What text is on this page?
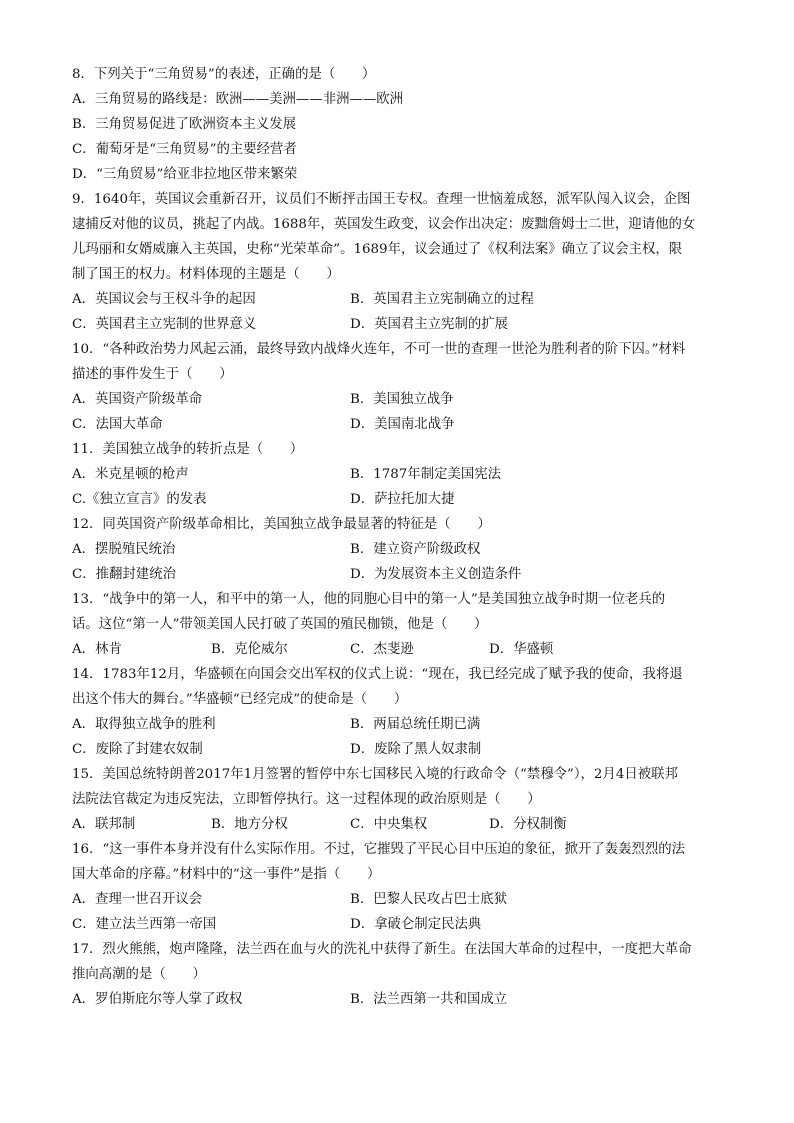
8．下列关于“三角贸易”的表述，正确的是（　　）
A．三角贸易的路线是：欧洲——美洲——非洲——欧洲
B．三角贸易促进了欧洲资本主义发展
C．葡萄牙是“三角贸易”的主要经营者
D．“三角贸易”给亚非拉地区带来繁荣
9．1640年，英国议会重新召开，议员们不断抨击国王专权。查理一世恼羞成怒，派军队闯入议会，企图
逮捕反对他的议员，挑起了内战。1688年，英国发生政变，议会作出决定：废黜詹姆士二世，迎请他的女
儿玛丽和女婿威廉入主英国，史称“光荣革命”。1689年，议会通过了《权利法案》确立了议会主权，限
制了国王的权力。材料体现的主题是（　　）
A．英国议会与王权斗争的起因	B．英国君主立宪制确立的过程
C．英国君主立宪制的世界意义	D．英国君主立宪制的扩展
10．“各种政治势力风起云涌，最终导致内战烽火连年，不可一世的查理一世沦为胜利者的阶下囚。”材料
描述的事件发生于（　　）
A．英国资产阶级革命	B．美国独立战争
C．法国大革命	D．美国南北战争
11．美国独立战争的转折点是（　　）
A．米克星顿的枪声	B．1787年制定美国宪法
C.《独立宣言》的发表	D．萨拉托加大捷
12．同英国资产阶级革命相比，美国独立战争最显著的特征是（　　）
A．摆脱殖民统治	B．建立资产阶级政权
C．推翻封建统治	D．为发展资本主义创造条件
13．“战争中的第一人，和平中的第一人，他的同胞心目中的第一人”是美国独立战争时期一位老兵的
话。这位“第一人”带领美国人民打破了英国的殖民枷锁，他是（　　）
A．林肯	B．克伦威尔	C．杰斐逊	D．华盛顿
14．1783年12月，华盛顿在向国会交出军权的仪式上说：“现在，我已经完成了赋予我的使命，我将退
出这个伟大的舞台。”华盛顿“已经完成”的使命是（　　）
A．取得独立战争的胜利	B．两届总统任期已满
C．废除了封建农奴制	D．废除了黑人奴隶制
15．美国总统特朗普2017年1月签署的暂停中东七国移民入境的行政命令（“禁穆令”），2月4日被联邦
法院法官裁定为违反宪法，立即暂停执行。这一过程体现的政治原则是（　　）
A．联邦制	B．地方分权	C．中央集权	D．分权制衡
16．“这一事件本身并没有什么实际作用。不过，它摧毁了平民心目中压迫的象征，掀开了轰轰烈烈的法
国大革命的序幕。”材料中的“这一事件”是指（　　）
A．查理一世召开议会	B．巴黎人民攻占巴士底狱
C．建立法兰西第一帝国	D．拿破仑制定民法典
17．烈火熊熊，炮声隆隆，法兰西在血与火的洗礼中获得了新生。在法国大革命的过程中，一度把大革命
推向高潮的是（　　）
A．罗伯斯庇尔等人掌了政权	B．法兰西第一共和国成立
